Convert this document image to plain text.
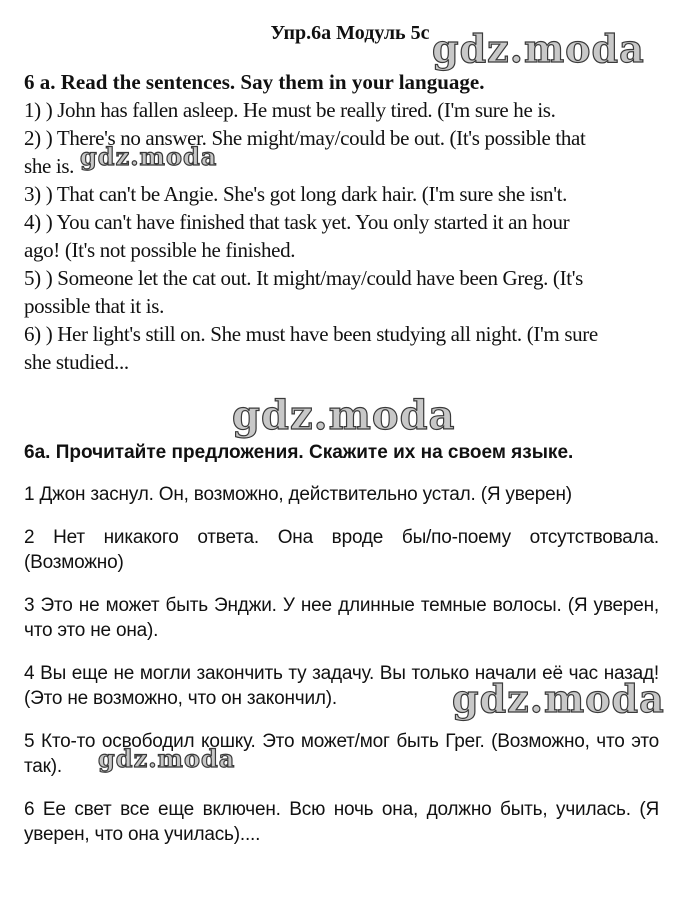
Упр.6а Модуль 5с

6 a. Read the sentences. Say them in your language.

1) ) John has fallen asleep. He must be really tired. (I'm sure he is.

2) ) There's no answer. She might/may/could be out. (It's possible that

she is.

3) ) That can't be Angie. She's got long dark hair. (I'm sure she isn't.

4) ) You can't have finished that task yet. You only started it an hour

ago! (It's not possible he finished.

5) ) Someone let the cat out. It might/may/could have been Greg. (It's

possible that it is.

6) ) Her light's still on. She must have been studying all night. (I'm sure

she studied...

6а. Прочитайте предложения. Скажите их на своем языке.

1 Джон заснул. Он, возможно, действительно устал. (Я уверен)

2 Нет никакого ответа. Она вроде бы/по-поему отсутствовала. (Возможно)

3 Это не может быть Энджи. У нее длинные темные волосы. (Я уверен, что это не она).

4 Вы еще не могли закончить ту задачу. Вы только начали её час назад! (Это не возможно, что он закончил).

5 Кто-то освободил кошку. Это может/мог быть Грег. (Возможно, что это так).

6 Ее свет все еще включен. Всю ночь она, должно быть, училась. (Я уверен, что она училась)....

gdz.moda
gdz.moda
gdz.moda
gdz.moda
gdz.moda
